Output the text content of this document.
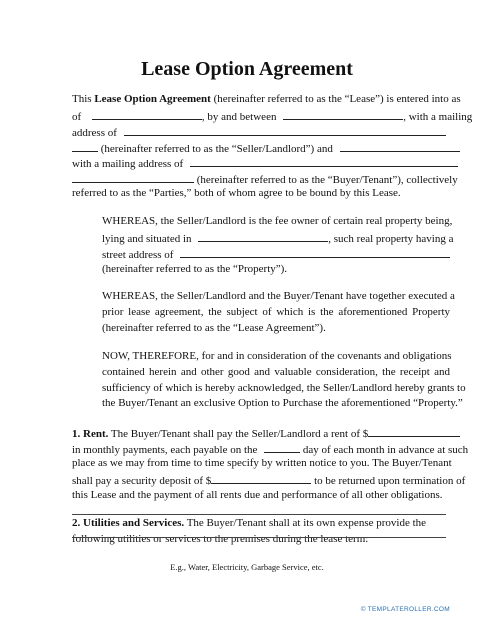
Lease Option Agreement
This Lease Option Agreement (hereinafter referred to as the “Lease”) is entered into as
of	, by and between	, with a mailing
address of
(hereinafter referred to as the “Seller/Landlord”) and
with a mailing address of
(hereinafter referred to as the “Buyer/Tenant”), collectively
referred to as the “Parties,” both of whom agree to be bound by this Lease.
WHEREAS, the Seller/Landlord is the fee owner of certain real property being,
lying and situated in	, such real property having a
street address of
(hereinafter referred to as the “Property”).
WHEREAS, the Seller/Landlord and the Buyer/Tenant have together executed a
prior lease agreement, the subject of which is the aforementioned Property
(hereinafter referred to as the “Lease Agreement”).
NOW, THEREFORE, for and in consideration of the covenants and obligations
contained herein and other good and valuable consideration, the receipt and
sufficiency of which is hereby acknowledged, the Seller/Landlord hereby grants to
the Buyer/Tenant an exclusive Option to Purchase the aforementioned “Property.”
1. Rent. The Buyer/Tenant shall pay the Seller/Landlord a rent of $
in monthly payments, each payable on the	day of each month in advance at such
place as we may from time to time specify by written notice to you. The Buyer/Tenant
shall pay a security deposit of $	to be returned upon termination of
this Lease and the payment of all rents due and performance of all other obligations.
2. Utilities and Services. The Buyer/Tenant shall at its own expense provide the
following utilities or services to the premises during the lease term:
E.g., Water, Electricity, Garbage Service, etc.
© TEMPLATEROLLER.COM
